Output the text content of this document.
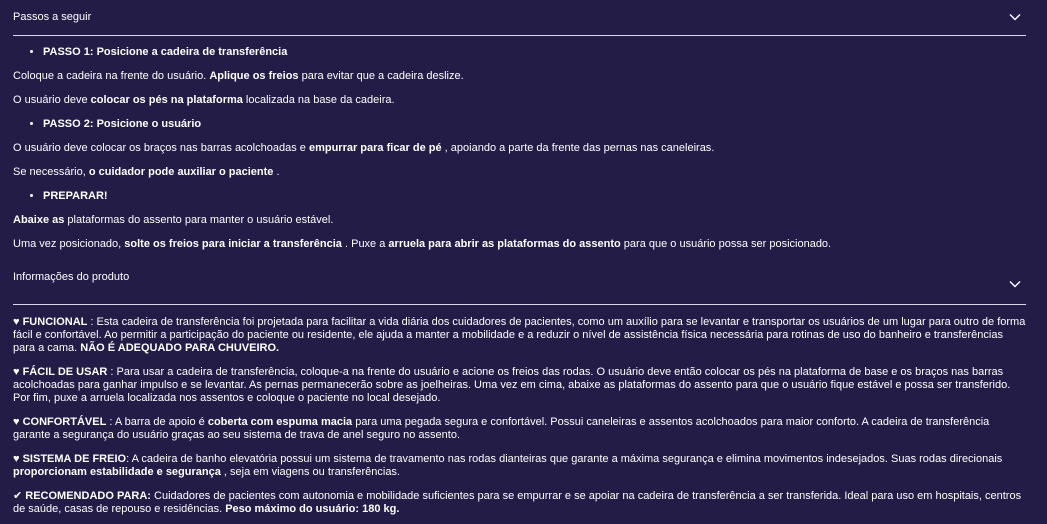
Passos a seguir
• PASSO 1: Posicione a cadeira de transferência

Coloque a cadeira na frente do usuário. Aplique os freios para evitar que a cadeira deslize.

O usuário deve colocar os pés na plataforma localizada na base da cadeira.

• PASSO 2: Posicione o usuário

O usuário deve colocar os braços nas barras acolchoadas e empurrar para ficar de pé , apoiando a parte da frente das pernas nas caneleiras.

Se necessário, o cuidador pode auxiliar o paciente .

• PREPARAR!

Abaixe as plataformas do assento para manter o usuário estável.

Uma vez posicionado, solte os freios para iniciar a transferência . Puxe a arruela para abrir as plataformas do assento para que o usuário possa ser posicionado.

Informações do produto

♥ FUNCIONAL : Esta cadeira de transferência foi projetada para facilitar a vida diária dos cuidadores de pacientes, como um auxílio para se levantar e transportar os usuários de um lugar para outro de forma fácil e confortável. Ao permitir a participação do paciente ou residente, ele ajuda a manter a mobilidade e a reduzir o nível de assistência física necessária para rotinas de uso do banheiro e transferências para a cama. NÃO É ADEQUADO PARA CHUVEIRO.

♥ FÁCIL DE USAR : Para usar a cadeira de transferência, coloque-a na frente do usuário e acione os freios das rodas. O usuário deve então colocar os pés na plataforma de base e os braços nas barras acolchoadas para ganhar impulso e se levantar. As pernas permanecerão sobre as joelheiras. Uma vez em cima, abaixe as plataformas do assento para que o usuário fique estável e possa ser transferido. Por fim, puxe a arruela localizada nos assentos e coloque o paciente no local desejado.

♥ CONFORTÁVEL : A barra de apoio é coberta com espuma macia para uma pegada segura e confortável. Possui caneleiras e assentos acolchoados para maior conforto. A cadeira de transferência garante a segurança do usuário graças ao seu sistema de trava de anel seguro no assento.

♥ SISTEMA DE FREIO: A cadeira de banho elevatória possui um sistema de travamento nas rodas dianteiras que garante a máxima segurança e elimina movimentos indesejados. Suas rodas direcionais proporcionam estabilidade e segurança , seja em viagens ou transferências.

✔ RECOMENDADO PARA: Cuidadores de pacientes com autonomia e mobilidade suficientes para se empurrar e se apoiar na cadeira de transferência a ser transferida. Ideal para uso em hospitais, centros de saúde, casas de repouso e residências. Peso máximo do usuário: 180 kg.
